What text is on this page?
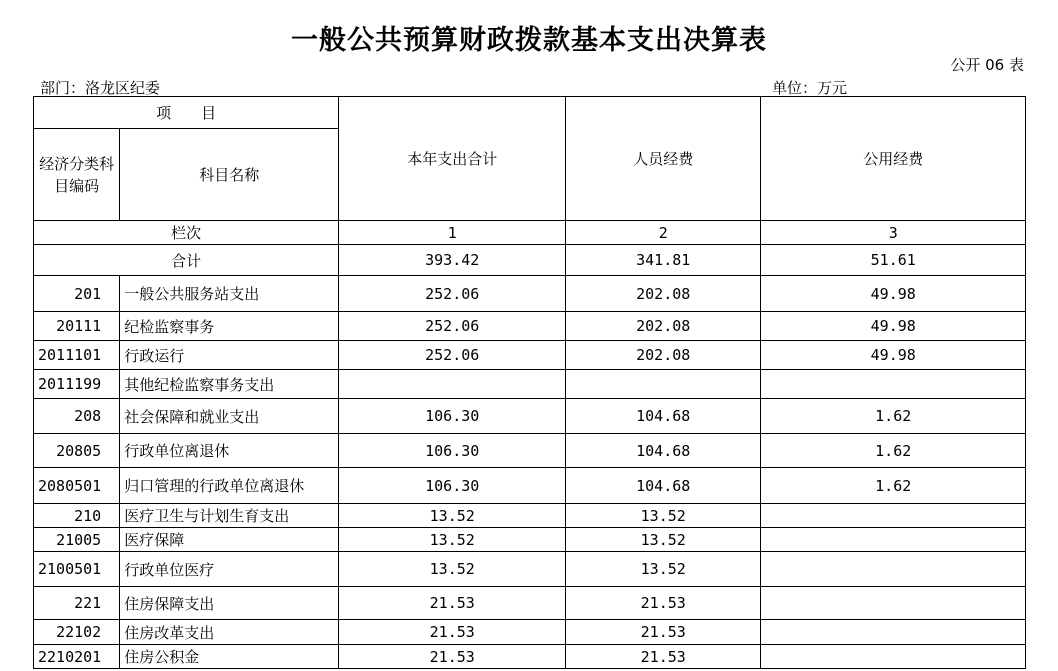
一般公共预算财政拨款基本支出决算表
公开 06 表
部门：洛龙区纪委	单位：万元
项　　目		本年支出合计	人员经费	公用经费
经济分类科目编码	科目名称			
栏次		1	2	3
合计		393.42	341.81	51.61
201	一般公共服务站支出	252.06	202.08	49.98
20111	纪检监察事务	252.06	202.08	49.98
2011101	行政运行	252.06	202.08	49.98
2011199	其他纪检监察事务支出			
208	社会保障和就业支出	106.30	104.68	1.62
20805	行政单位离退休	106.30	104.68	1.62
2080501	归口管理的行政单位离退休	106.30	104.68	1.62
210	医疗卫生与计划生育支出	13.52	13.52	
21005	医疗保障	13.52	13.52	
2100501	行政单位医疗	13.52	13.52	
221	住房保障支出	21.53	21.53	
22102	住房改革支出	21.53	21.53	
2210201	住房公积金	21.53	21.53	
